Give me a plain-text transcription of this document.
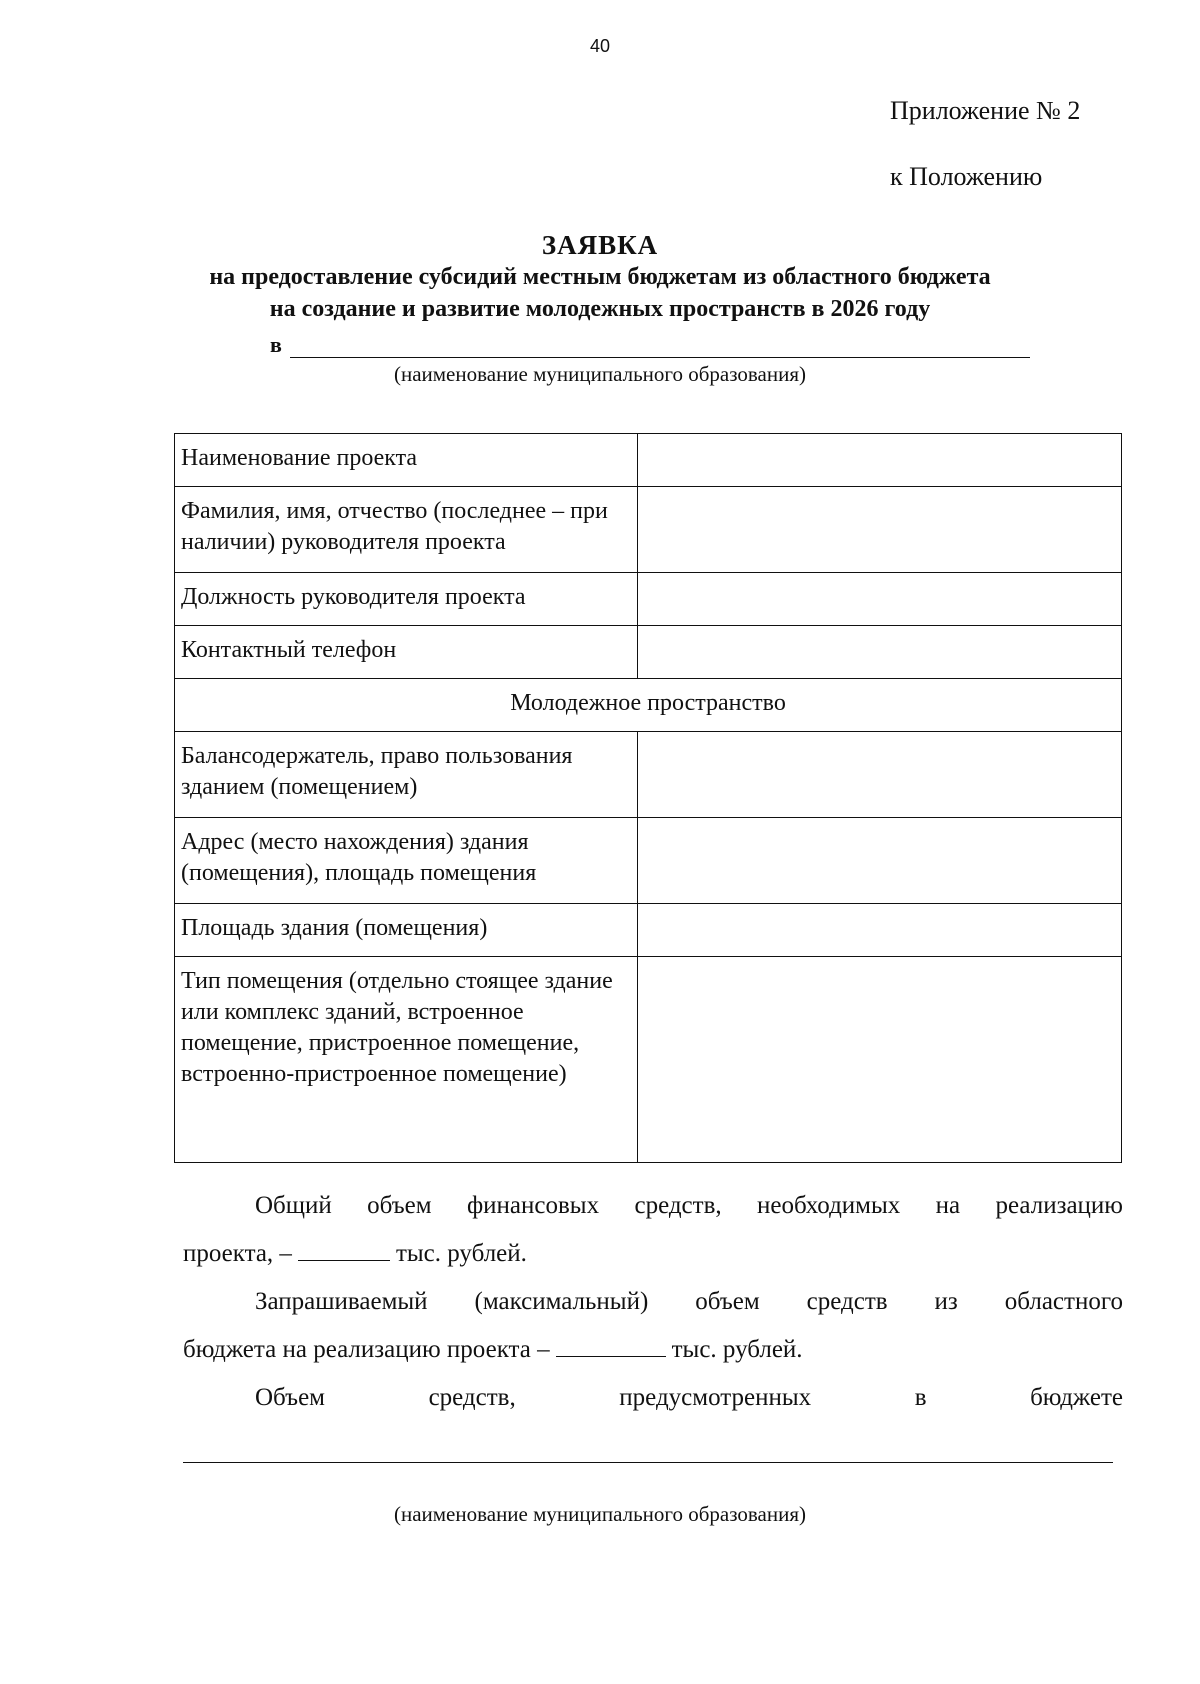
40
Приложение № 2
к Положению
ЗАЯВКА
на предоставление субсидий местным бюджетам из областного бюджета
на создание и развитие молодежных пространств в 2026 году
в
(наименование муниципального образования)
Наименование проекта	
Фамилия, имя, отчество (последнее – при наличии) руководителя проекта	
Должность руководителя проекта	
Контактный телефон	
Молодежное пространство	
Балансодержатель, право пользования зданием (помещением)	
Адрес (место нахождения) здания (помещения), площадь помещения	
Площадь здания (помещения)	
Тип помещения (отдельно стоящее здание или комплекс зданий, встроенное помещение, пристроенное помещение, встроенно-пристроенное помещение)	
Общий объем финансовых средств, необходимых на реализацию
проекта, –	тыс. рублей.
Запрашиваемый (максимальный) объем средств из областного
бюджета на реализацию проекта –	тыс. рублей.
Объем	средств,	предусмотренных	в	бюджете
(наименование муниципального образования)
